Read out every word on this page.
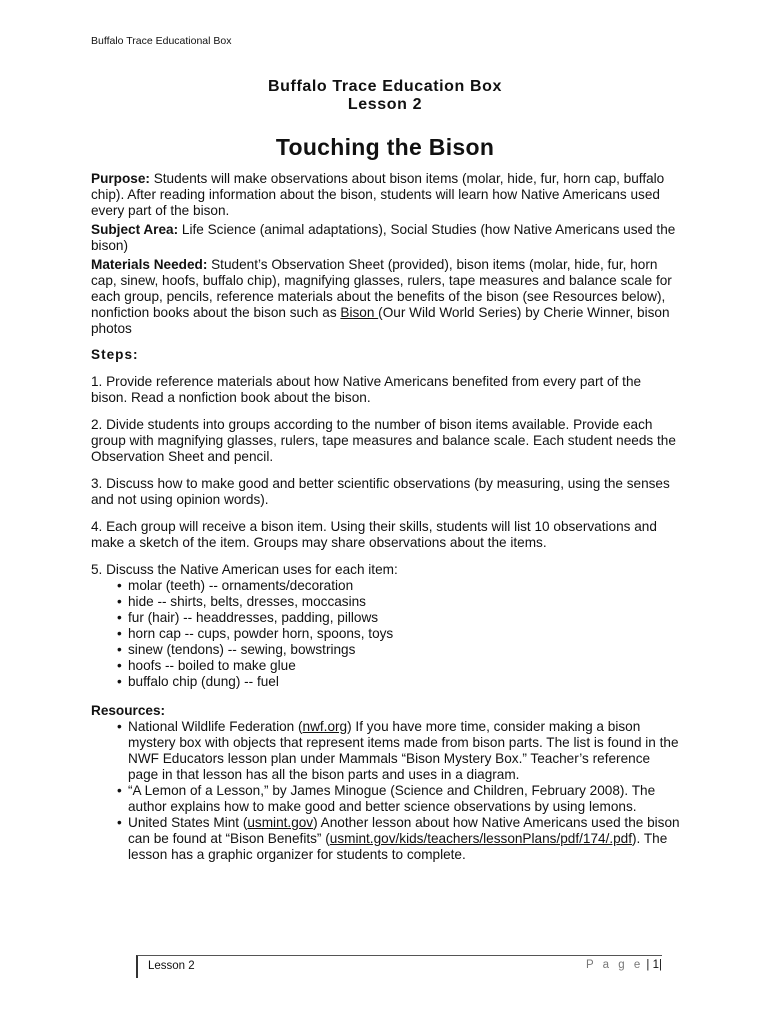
Buffalo Trace Educational Box
Buffalo Trace Education Box
Lesson 2
Touching the Bison

Purpose: Students will make observations about bison items (molar, hide, fur, horn cap, buffalo chip). After reading information about the bison, students will learn how Native Americans used every part of the bison.

Subject Area: Life Science (animal adaptations), Social Studies (how Native Americans used the bison)

Materials Needed: Student’s Observation Sheet (provided), bison items (molar, hide, fur, horn cap, sinew, hoofs, buffalo chip), magnifying glasses, rulers, tape measures and balance scale for each group, pencils, reference materials about the benefits of the bison (see Resources below), nonfiction books about the bison such as Bison (Our Wild World Series) by Cherie Winner, bison photos

Steps:

1. Provide reference materials about how Native Americans benefited from every part of the bison. Read a nonfiction book about the bison.

2. Divide students into groups according to the number of bison items available. Provide each group with magnifying glasses, rulers, tape measures and balance scale. Each student needs the Observation Sheet and pencil.

3. Discuss how to make good and better scientific observations (by measuring, using the senses and not using opinion words).

4. Each group will receive a bison item. Using their skills, students will list 10 observations and make a sketch of the item. Groups may share observations about the items.

5. Discuss the Native American uses for each item:

• molar (teeth) -- ornaments/decoration
• hide -- shirts, belts, dresses, moccasins
• fur (hair) -- headdresses, padding, pillows
• horn cap -- cups, powder horn, spoons, toys
• sinew (tendons) -- sewing, bowstrings
• hoofs -- boiled to make glue
• buffalo chip (dung) -- fuel

Resources:

• National Wildlife Federation (nwf.org) If you have more time, consider making a bison mystery box with objects that represent items made from bison parts. The list is found in the NWF Educators lesson plan under Mammals “Bison Mystery Box.” Teacher’s reference page in that lesson has all the bison parts and uses in a diagram.
• “A Lemon of a Lesson,” by James Minogue (Science and Children, February 2008). The author explains how to make good and better science observations by using lemons.
• United States Mint (usmint.gov) Another lesson about how Native Americans used the bison can be found at “Bison Benefits” (usmint.gov/kids/teachers/lessonPlans/pdf/174/.pdf). The lesson has a graphic organizer for students to complete.
Lesson 2	P a g e | 1|
